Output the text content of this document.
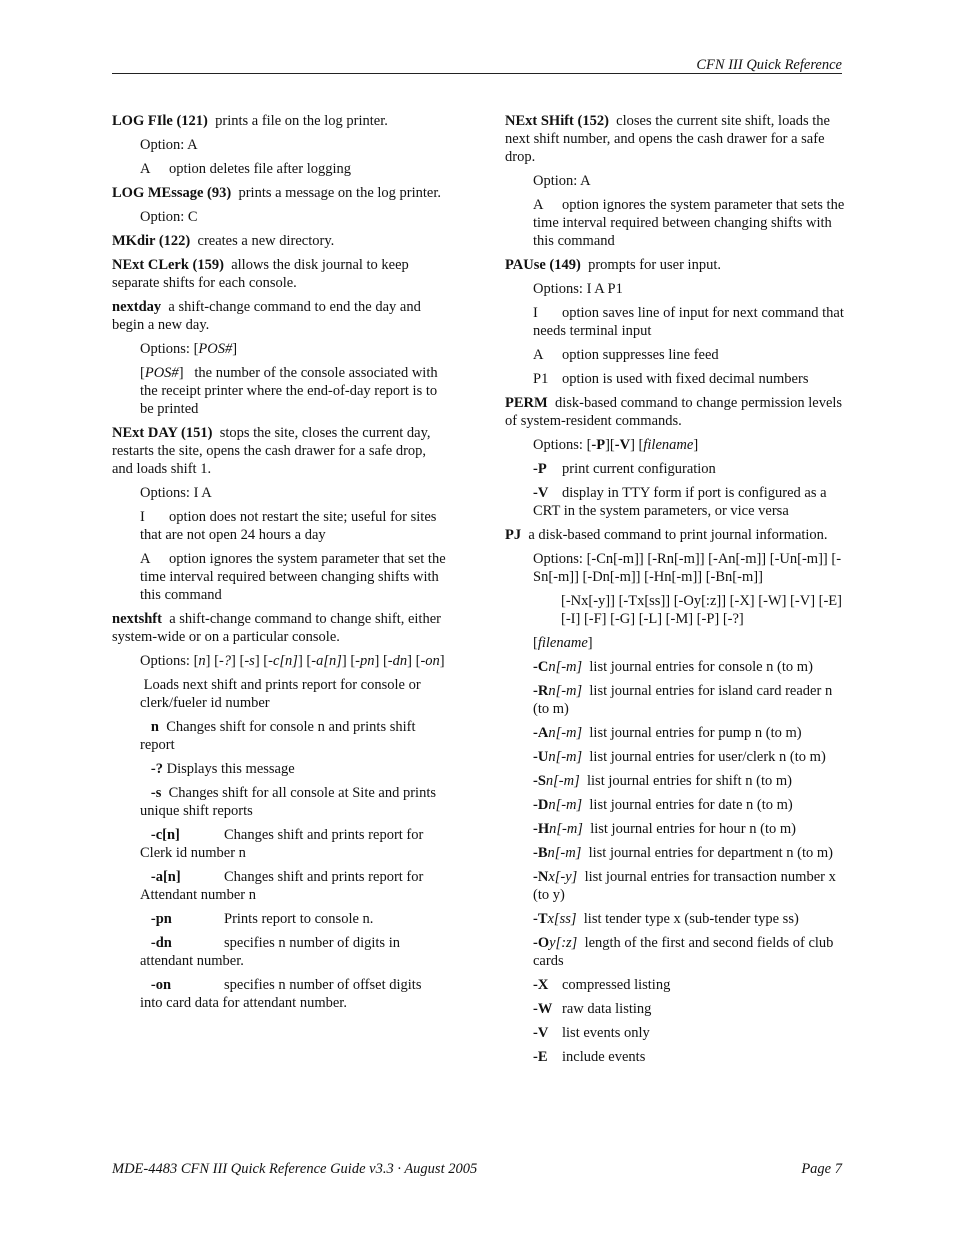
CFN III Quick Reference

LOG FIle (121) prints a file on the log printer.

Option: A

A option deletes file after logging

LOG MEssage (93) prints a message on the log printer.

Option: C

MKdir (122) creates a new directory.

NExt CLerk (159) allows the disk journal to keep separate shifts for each console.

nextday a shift-change command to end the day and begin a new day.

Options: [POS#]

[POS#] the number of the console associated with the receipt printer where the end-of-day report is to be printed

NExt DAY (151) stops the site, closes the current day, restarts the site, opens the cash drawer for a safe drop, and loads shift 1.

Options: I A

I option does not restart the site; useful for sites that are not open 24 hours a day

A option ignores the system parameter that set the time interval required between changing shifts with this command

nextshft a shift-change command to change shift, either system-wide or on a particular console.

Options: [n] [-?] [-s] [-c[n]] [-a[n]] [-pn] [-dn] [-on]

Loads next shift and prints report for console or clerk/fueler id number

n Changes shift for console n and prints shift report

-? Displays this message

-s Changes shift for all console at Site and prints unique shift reports

-c[n]	Changes shift and prints report for
Clerk id number n

-a[n]	Changes shift and prints report for
Attendant number n

-pn	Prints report to console n.

-dn	specifies n number of digits in
attendant number.

-on	specifies n number of offset digits
into card data for attendant number.

NExt SHift (152) closes the current site shift, loads the next shift number, and opens the cash drawer for a safe drop.

Option: A

A option ignores the system parameter that sets the time interval required between changing shifts with this command

PAUse (149) prompts for user input.

Options: I A P1

I option saves line of input for next command that needs terminal input

A option suppresses line feed

P1 option is used with fixed decimal numbers

PERM disk-based command to change permission levels of system-resident commands.

Options: [-P][-V] [filename]

-P print current configuration

-V display in TTY form if port is configured as a CRT in the system parameters, or vice versa

PJ a disk-based command to print journal information.

Options: [-Cn[-m]] [-Rn[-m]] [-An[-m]] [-Un[-m]] [-Sn[-m]] [-Dn[-m]] [-Hn[-m]] [-Bn[-m]]

[-Nx[-y]] [-Tx[ss]] [-Oy[:z]] [-X] [-W] [-V] [-E] [-I] [-F] [-G] [-L] [-M] [-P] [-?]

[filename]

-Cn[-m] list journal entries for console n (to m)

-Rn[-m] list journal entries for island card reader n (to m)

-An[-m] list journal entries for pump n (to m)

-Un[-m] list journal entries for user/clerk n (to m)

-Sn[-m] list journal entries for shift n (to m)

-Dn[-m] list journal entries for date n (to m)

-Hn[-m] list journal entries for hour n (to m)

-Bn[-m] list journal entries for department n (to m)

-Nx[-y] list journal entries for transaction number x (to y)

-Tx[ss] list tender type x (sub-tender type ss)

-Oy[:z] length of the first and second fields of club cards

-X compressed listing

-W raw data listing

-V list events only

-E include events

MDE-4483 CFN III Quick Reference Guide v3.3 · August 2005	Page 7
